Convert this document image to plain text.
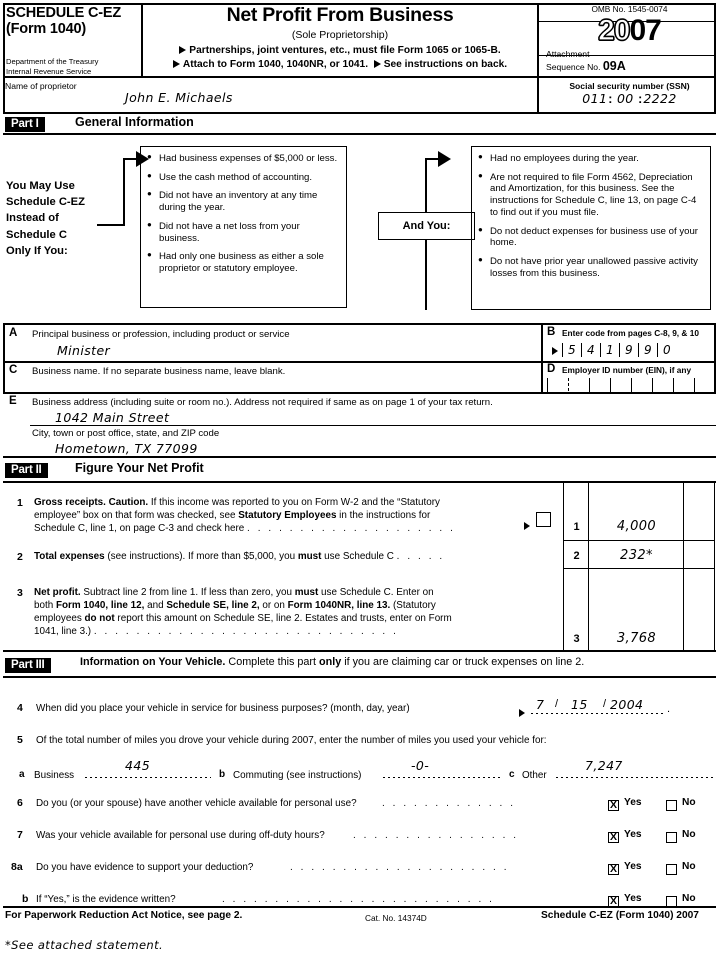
SCHEDULE C-EZ
(Form 1040)
Department of the Treasury
Internal Revenue Service
Net Profit From Business
(Sole Proprietorship)
Partnerships, joint ventures, etc., must file Form 1065 or 1065-B.
Attach to Form 1040, 1040NR, or 1041. See instructions on back.
OMB No. 1545-0074
2007
Attachment
Sequence No. 09A
Name of proprietor
John E. Michaels
Social security number (SSN)
011: 00 :2222
Part I	General Information
You May Use
Schedule C-EZ
Instead of
Schedule C
Only If You:
● Had business expenses of $5,000 or less.
● Use the cash method of accounting.
● Did not have an inventory at any time during the year.
● Did not have a net loss from your business.
● Had only one business as either a sole proprietor or statutory employee.
And You:
● Had no employees during the year.
● Are not required to file Form 4562, Depreciation and Amortization, for this business. See the instructions for Schedule C, line 13, on page C-4 to find out if you must file.
● Do not deduct expenses for business use of your home.
● Do not have prior year unallowed passive activity losses from this business.
A Principal business or profession, including product or service
Minister
B Enter code from pages C-8, 9, & 10
5 4 1 9 9 0
C Business name. If no separate business name, leave blank.	D Employer ID number (EIN), if any
E Business address (including suite or room no.). Address not required if same as on page 1 of your tax return.
1042 Main Street
City, town or post office, state, and ZIP code
Hometown, TX 77099
Part II	Figure Your Net Profit
1 Gross receipts. Caution. If this income was reported to you on Form W-2 and the “Statutory
employee” box on that form was checked, see Statutory Employees in the instructions for
Schedule C, line 1, on page C-3 and check here . . . . . . . . . . . . . . . . . . . .	1	4,000
2 Total expenses (see instructions). If more than $5,000, you must use Schedule C . . . . .	2	232*
3 Net profit. Subtract line 2 from line 1. If less than zero, you must use Schedule C. Enter on
both Form 1040, line 12, and Schedule SE, line 2, or on Form 1040NR, line 13. (Statutory
employees do not report this amount on Schedule SE, line 2. Estates and trusts, enter on Form
1041, line 3.) . . . . . . . . . . . . . . . . . . . . . . . . . . . . .
3	3,768
Part III	Information on Your Vehicle. Complete this part only if you are claiming car or truck expenses on line 2.
4 When did you place your vehicle in service for business purposes? (month, day, year)	7 / 15 / 2004 .
5 Of the total number of miles you drove your vehicle during 2007, enter the number of miles you used your vehicle for:
a Business
445
b Commuting (see instructions)
-0-
c Other
7,247
6 Do you (or your spouse) have another vehicle available for personal use?	. . . . . . . . . . . . . X	Yes	No
7 Was your vehicle available for personal use during off-duty hours?	. . . . . . . . . . . . . . . . X	Yes	No
8a Do you have evidence to support your deduction?	. . . . . . . . . . . . . . . . . . . . . X	Yes	No
b If “Yes,” is the evidence written?	. . . . . . . . . . . . . . . . . . . . . . . . . . X	Yes	No
For Paperwork Reduction Act Notice, see page 2.	Cat. No. 14374D	Schedule C-EZ (Form 1040) 2007
*See attached statement.
